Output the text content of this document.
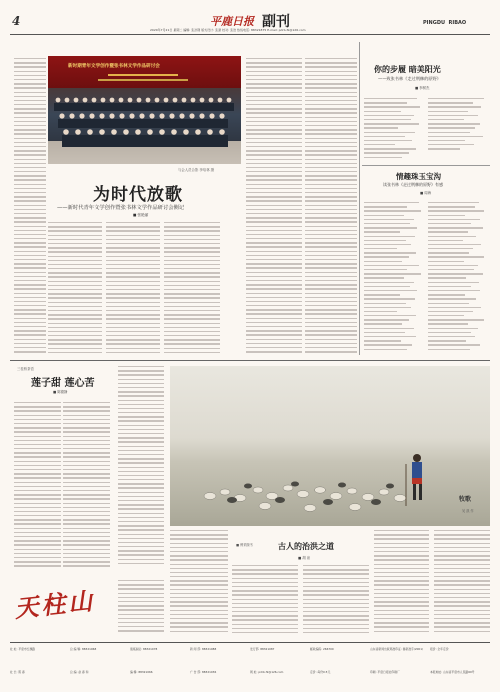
4	平鹿日报 副刊
2020年7月21日 星期二 编辑: 张洪钢 版式设计: 张潇 校对: 张浩 热线电话: 88321875 E-mail: pdrb-fk@126.com
PINGDU RIBAO
新时期青年文学创作暨张书林文学作品研讨会
与会人员合影 李培林 摄
为时代放歌
——新时代青年文学创作暨张书林文学作品研讨会侧记
■ 张艳丽
你的步履 暗美阳光
——致张书林《走过荆棘的原野》
■ 李树杰
情趣珠玉宝沟
读张书林《走过荆棘的原野》有感
■ 周海
三桂桥茶语
莲子甜 莲心苦
■ 陈德静
牧歌
吴 凯 作
■ 博采撷书	古人的治洪之道
■ 胡 泉
天柱山
社 址: 平度市红旗路	总 编 辑: 88321068	值班副总: 88321078	新 闻 部: 88321088	发行部: 88321087	邮政编码: 266700	山东省新闻出版局准印证: 鲁新准字(2001)	报价: 全年定价
社 长: 陈 春	总 编: 赵 春 和	编 辑: 88321066	广 告 部: 88321036	网 址: pdrb-fk@126.com	定价: 每份0.5元	印刷: 平度日报社印刷厂	本报地址: 山东省平度市人民路60号
